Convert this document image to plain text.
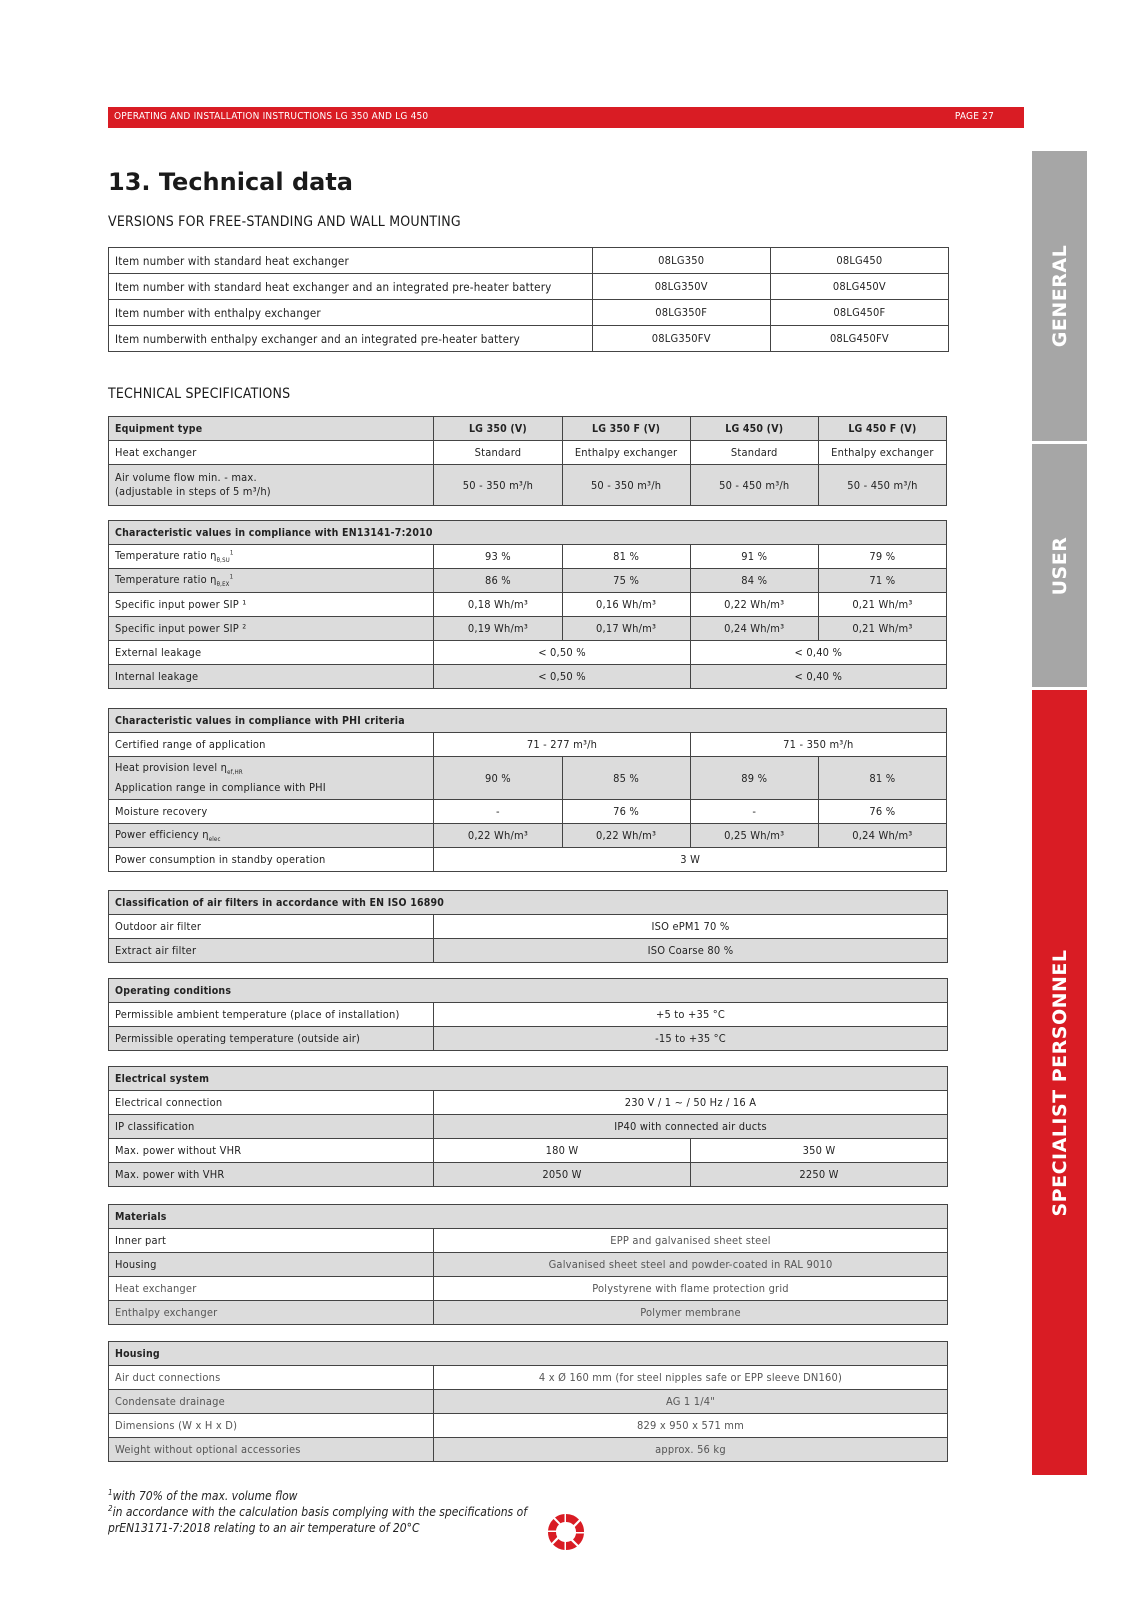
OPERATING AND INSTALLATION INSTRUCTIONS LG 350 AND LG 450	PAGE 27
GENERAL
USER
SPECIALIST PERSONNEL
13. Technical data
VERSIONS FOR FREE-STANDING AND WALL MOUNTING
Item number with standard heat exchanger	08LG350	08LG450
Item number with standard heat exchanger and an integrated pre-heater battery	08LG350V	08LG450V
Item number with enthalpy exchanger	08LG350F	08LG450F
Item numberwith enthalpy exchanger and an integrated pre-heater battery	08LG350FV	08LG450FV
TECHNICAL SPECIFICATIONS
Equipment type	LG 350 (V)	LG 350 F (V)	LG 450 (V)	LG 450 F (V)
Heat exchanger	Standard	Enthalpy exchanger	Standard	Enthalpy exchanger

Air volume flow min. - max.
(adjustable in steps of 5 m³/h)	50 - 350 m³/h	50 - 350 m³/h	50 - 450 m³/h	50 - 450 m³/h
Characteristic values in compliance with EN13141-7:2010				
Temperature ratio $\eta_{\theta,SU}^1$	93 %	81 %	91 %	79 %
Temperature ratio $\eta_{\theta,EX}^1$	86 %	75 %	84 %	71 %
Specific input power SIP ¹	0,18 Wh/m³	0,16 Wh/m³	0,22 Wh/m³	0,21 Wh/m³
Specific input power SIP ²	0,19 Wh/m³	0,17 Wh/m³	0,24 Wh/m³	0,21 Wh/m³
External leakage	< 0,50 %		< 0,40 %	
Internal leakage	< 0,50 %		< 0,40 %	
Characteristic values in compliance with PHI criteria				
Certified range of application	71 - 277 m³/h		71 - 350 m³/h	

Heat provision level $\eta_{ef,HR}$
Application range in compliance with PHI	90 %	85 %	89 %	81 %
Moisture recovery	-	76 %	-	76 %
Power efficiency $\eta_{elec}$	0,22 Wh/m³	0,22 Wh/m³	0,25 Wh/m³	0,24 Wh/m³
Power consumption in standby operation	3 W			
Classification of air filters in accordance with EN ISO 16890	
Outdoor air filter	ISO ePM1 70 %
Extract air filter	ISO Coarse 80 %
Operating conditions	
Permissible ambient temperature (place of installation)	+5 to +35 °C
Permissible operating temperature (outside air)	-15 to +35 °C
Electrical system		
Electrical connection	230 V / 1 ~ / 50 Hz / 16 A	
IP classification	IP40 with connected air ducts	
Max. power without VHR	180 W	350 W
Max. power with VHR	2050 W	2250 W
Materials	
Inner part	EPP and galvanised sheet steel
Housing	Galvanised sheet steel and powder-coated in RAL 9010
Heat exchanger	Polystyrene with flame protection grid
Enthalpy exchanger	Polymer membrane
Housing	
Air duct connections	4 x Ø 160 mm (for steel nipples safe or EPP sleeve DN160)
Condensate drainage	AG 1 1/4"
Dimensions (W x H x D)	829 x 950 x 571 mm
Weight without optional accessories	approx. 56 kg
$^1$with 70% of the max. volume flow
$^2$in accordance with the calculation basis complying with the specifications of
prEN13171-7:2018 relating to an air temperature of 20°C
